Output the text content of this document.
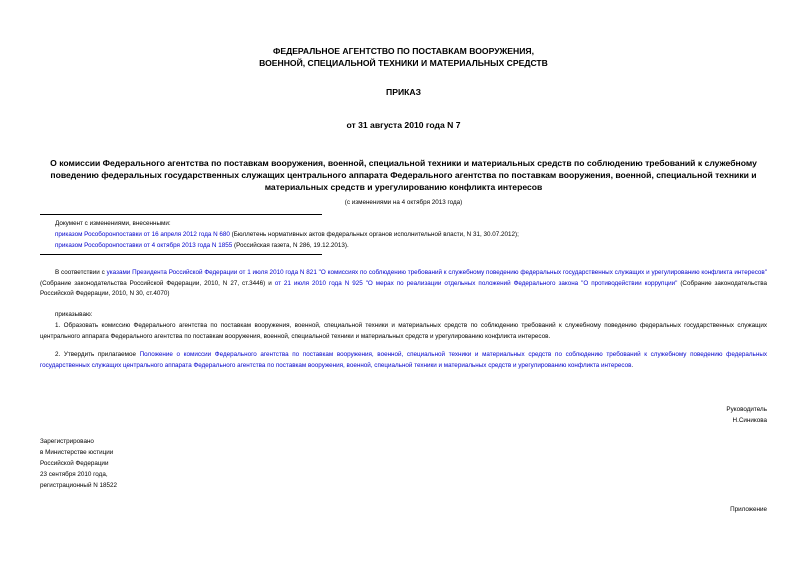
ФЕДЕРАЛЬНОЕ АГЕНТСТВО ПО ПОСТАВКАМ ВООРУЖЕНИЯ,
ВОЕННОЙ, СПЕЦИАЛЬНОЙ ТЕХНИКИ И МАТЕРИАЛЬНЫХ СРЕДСТВ
ПРИКАЗ
от 31 августа 2010 года N 7
О комиссии Федерального агентства по поставкам вооружения, военной, специальной техники и материальных средств по соблюдению требований к служебному поведению федеральных государственных служащих центрального аппарата Федерального агентства по поставкам вооружения, военной, специальной техники и материальных средств и урегулированию конфликта интересов
(с изменениями на 4 октября 2013 года)
Документ с изменениями, внесенными:
приказом Рособоронпоставки от 16 апреля 2012 года N 680 (Бюллетень нормативных актов федеральных органов исполнительной власти, N 31, 30.07.2012);
приказом Рособоронпоставки от 4 октября 2013 года N 1855 (Российская газета, N 286, 19.12.2013).
В соответствии с указами Президента Российской Федерации от 1 июля 2010 года N 821 "О комиссиях по соблюдению требований к служебному поведению федеральных государственных служащих и урегулированию конфликта интересов" (Собрание законодательства Российской Федерации, 2010, N 27, ст.3446) и от 21 июля 2010 года N 925 "О мерах по реализации отдельных положений Федерального закона "О противодействии коррупции" (Собрание законодательства Российской Федерации, 2010, N 30, ст.4070)
приказываю:
1. Образовать комиссию Федерального агентства по поставкам вооружения, военной, специальной техники и материальных средств по соблюдению требований к служебному поведению федеральных государственных служащих центрального аппарата Федерального агентства по поставкам вооружения, военной, специальной техники и материальных средств и урегулированию конфликта интересов.
2. Утвердить прилагаемое Положение о комиссии Федерального агентства по поставкам вооружения, военной, специальной техники и материальных средств по соблюдению требований к служебному поведению федеральных государственных служащих центрального аппарата Федерального агентства по поставкам вооружения, военной, специальной техники и материальных средств и урегулированию конфликта интересов.
Руководитель
Н.Синикова
Зарегистрировано
в Министерстве юстиции
Российской Федерации
23 сентября 2010 года,
регистрационный N 18522
Приложение
